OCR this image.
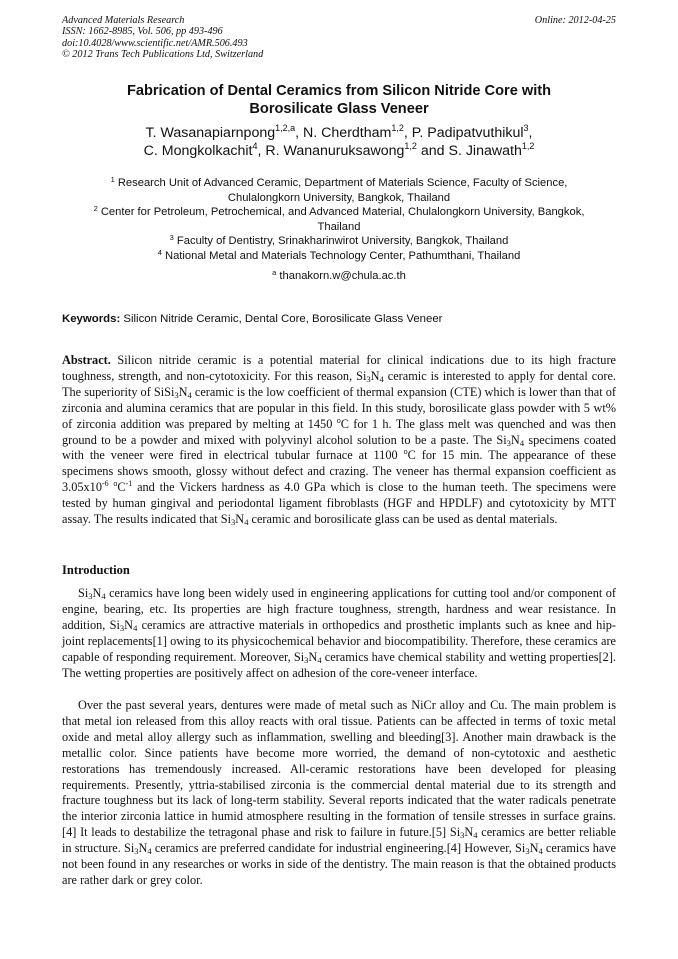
Advanced Materials Research
ISSN: 1662-8985, Vol. 506, pp 493-496
doi:10.4028/www.scientific.net/AMR.506.493
© 2012 Trans Tech Publications Ltd, Switzerland
Online: 2012-04-25
Fabrication of Dental Ceramics from Silicon Nitride Core with
Borosilicate Glass Veneer
T. Wasanapiarnpong$^{1,2,a}$, N. Cherdtham$^{1,2}$, P. Padipatvuthikul$^3$,
C. Mongkolkachit$^4$, R. Wananuruksawong$^{1,2}$ and S. Jinawath$^{1,2}$
$^1$ Research Unit of Advanced Ceramic, Department of Materials Science, Faculty of Science,
Chulalongkorn University, Bangkok, Thailand
$^2$ Center for Petroleum, Petrochemical, and Advanced Material, Chulalongkorn University, Bangkok,
Thailand
$^3$ Faculty of Dentistry, Srinakharinwirot University, Bangkok, Thailand
$^4$ National Metal and Materials Technology Center, Pathumthani, Thailand
$^a$ thanakorn.w@chula.ac.th
Keywords: Silicon Nitride Ceramic, Dental Core, Borosilicate Glass Veneer
Abstract. Silicon nitride ceramic is a potential material for clinical indications due to its high fracture toughness, strength, and non-cytotoxicity. For this reason, $Si_3N_4$ ceramic is interested to apply for dental core. The superiority of $SiSi_3N_4$ ceramic is the low coefficient of thermal expansion (CTE) which is lower than that of zirconia and alumina ceramics that are popular in this field. In this study, borosilicate glass powder with 5 wt% of zirconia addition was prepared by melting at 1450 $^o$C for 1 h. The glass melt was quenched and was then ground to be a powder and mixed with polyvinyl alcohol solution to be a paste. The $Si_3N_4$ specimens coated with the veneer were fired in electrical tubular furnace at 1100 $^o$C for 15 min. The appearance of these specimens shows smooth, glossy without defect and crazing. The veneer has thermal expansion coefficient as $3.05x10^{-6}$ $^oC^{-1}$ and the Vickers hardness as 4.0 GPa which is close to the human teeth. The specimens were tested by human gingival and periodontal ligament fibroblasts (HGF and HPDLF) and cytotoxicity by MTT assay. The results indicated that $Si_3N_4$ ceramic and borosilicate glass can be used as dental materials.
Introduction
$Si_3N_4$ ceramics have long been widely used in engineering applications for cutting tool and/or component of engine, bearing, etc. Its properties are high fracture toughness, strength, hardness and wear resistance. In addition, $Si_3N_4$ ceramics are attractive materials in orthopedics and prosthetic implants such as knee and hip-joint replacements[1] owing to its physicochemical behavior and biocompatibility. Therefore, these ceramics are capable of responding requirement. Moreover, $Si_3N_4$ ceramics have chemical stability and wetting properties[2]. The wetting properties are positively affect on adhesion of the core-veneer interface.
Over the past several years, dentures were made of metal such as NiCr alloy and Cu. The main problem is that metal ion released from this alloy reacts with oral tissue. Patients can be affected in terms of toxic metal oxide and metal alloy allergy such as inflammation, swelling and bleeding[3]. Another main drawback is the metallic color. Since patients have become more worried, the demand of non-cytotoxic and aesthetic restorations has tremendously increased. All-ceramic restorations have been developed for pleasing requirements. Presently, yttria-stabilised zirconia is the commercial dental material due to its strength and fracture toughness but its lack of long-term stability. Several reports indicated that the water radicals penetrate the interior zirconia lattice in humid atmosphere resulting in the formation of tensile stresses in surface grains.[4] It leads to destabilize the tetragonal phase and risk to failure in future.[5] $Si_3N_4$ ceramics are better reliable in structure. $Si_3N_4$ ceramics are preferred candidate for industrial engineering.[4] However, $Si_3N_4$ ceramics have not been found in any researches or works in side of the dentistry. The main reason is that the obtained products are rather dark or grey color.
